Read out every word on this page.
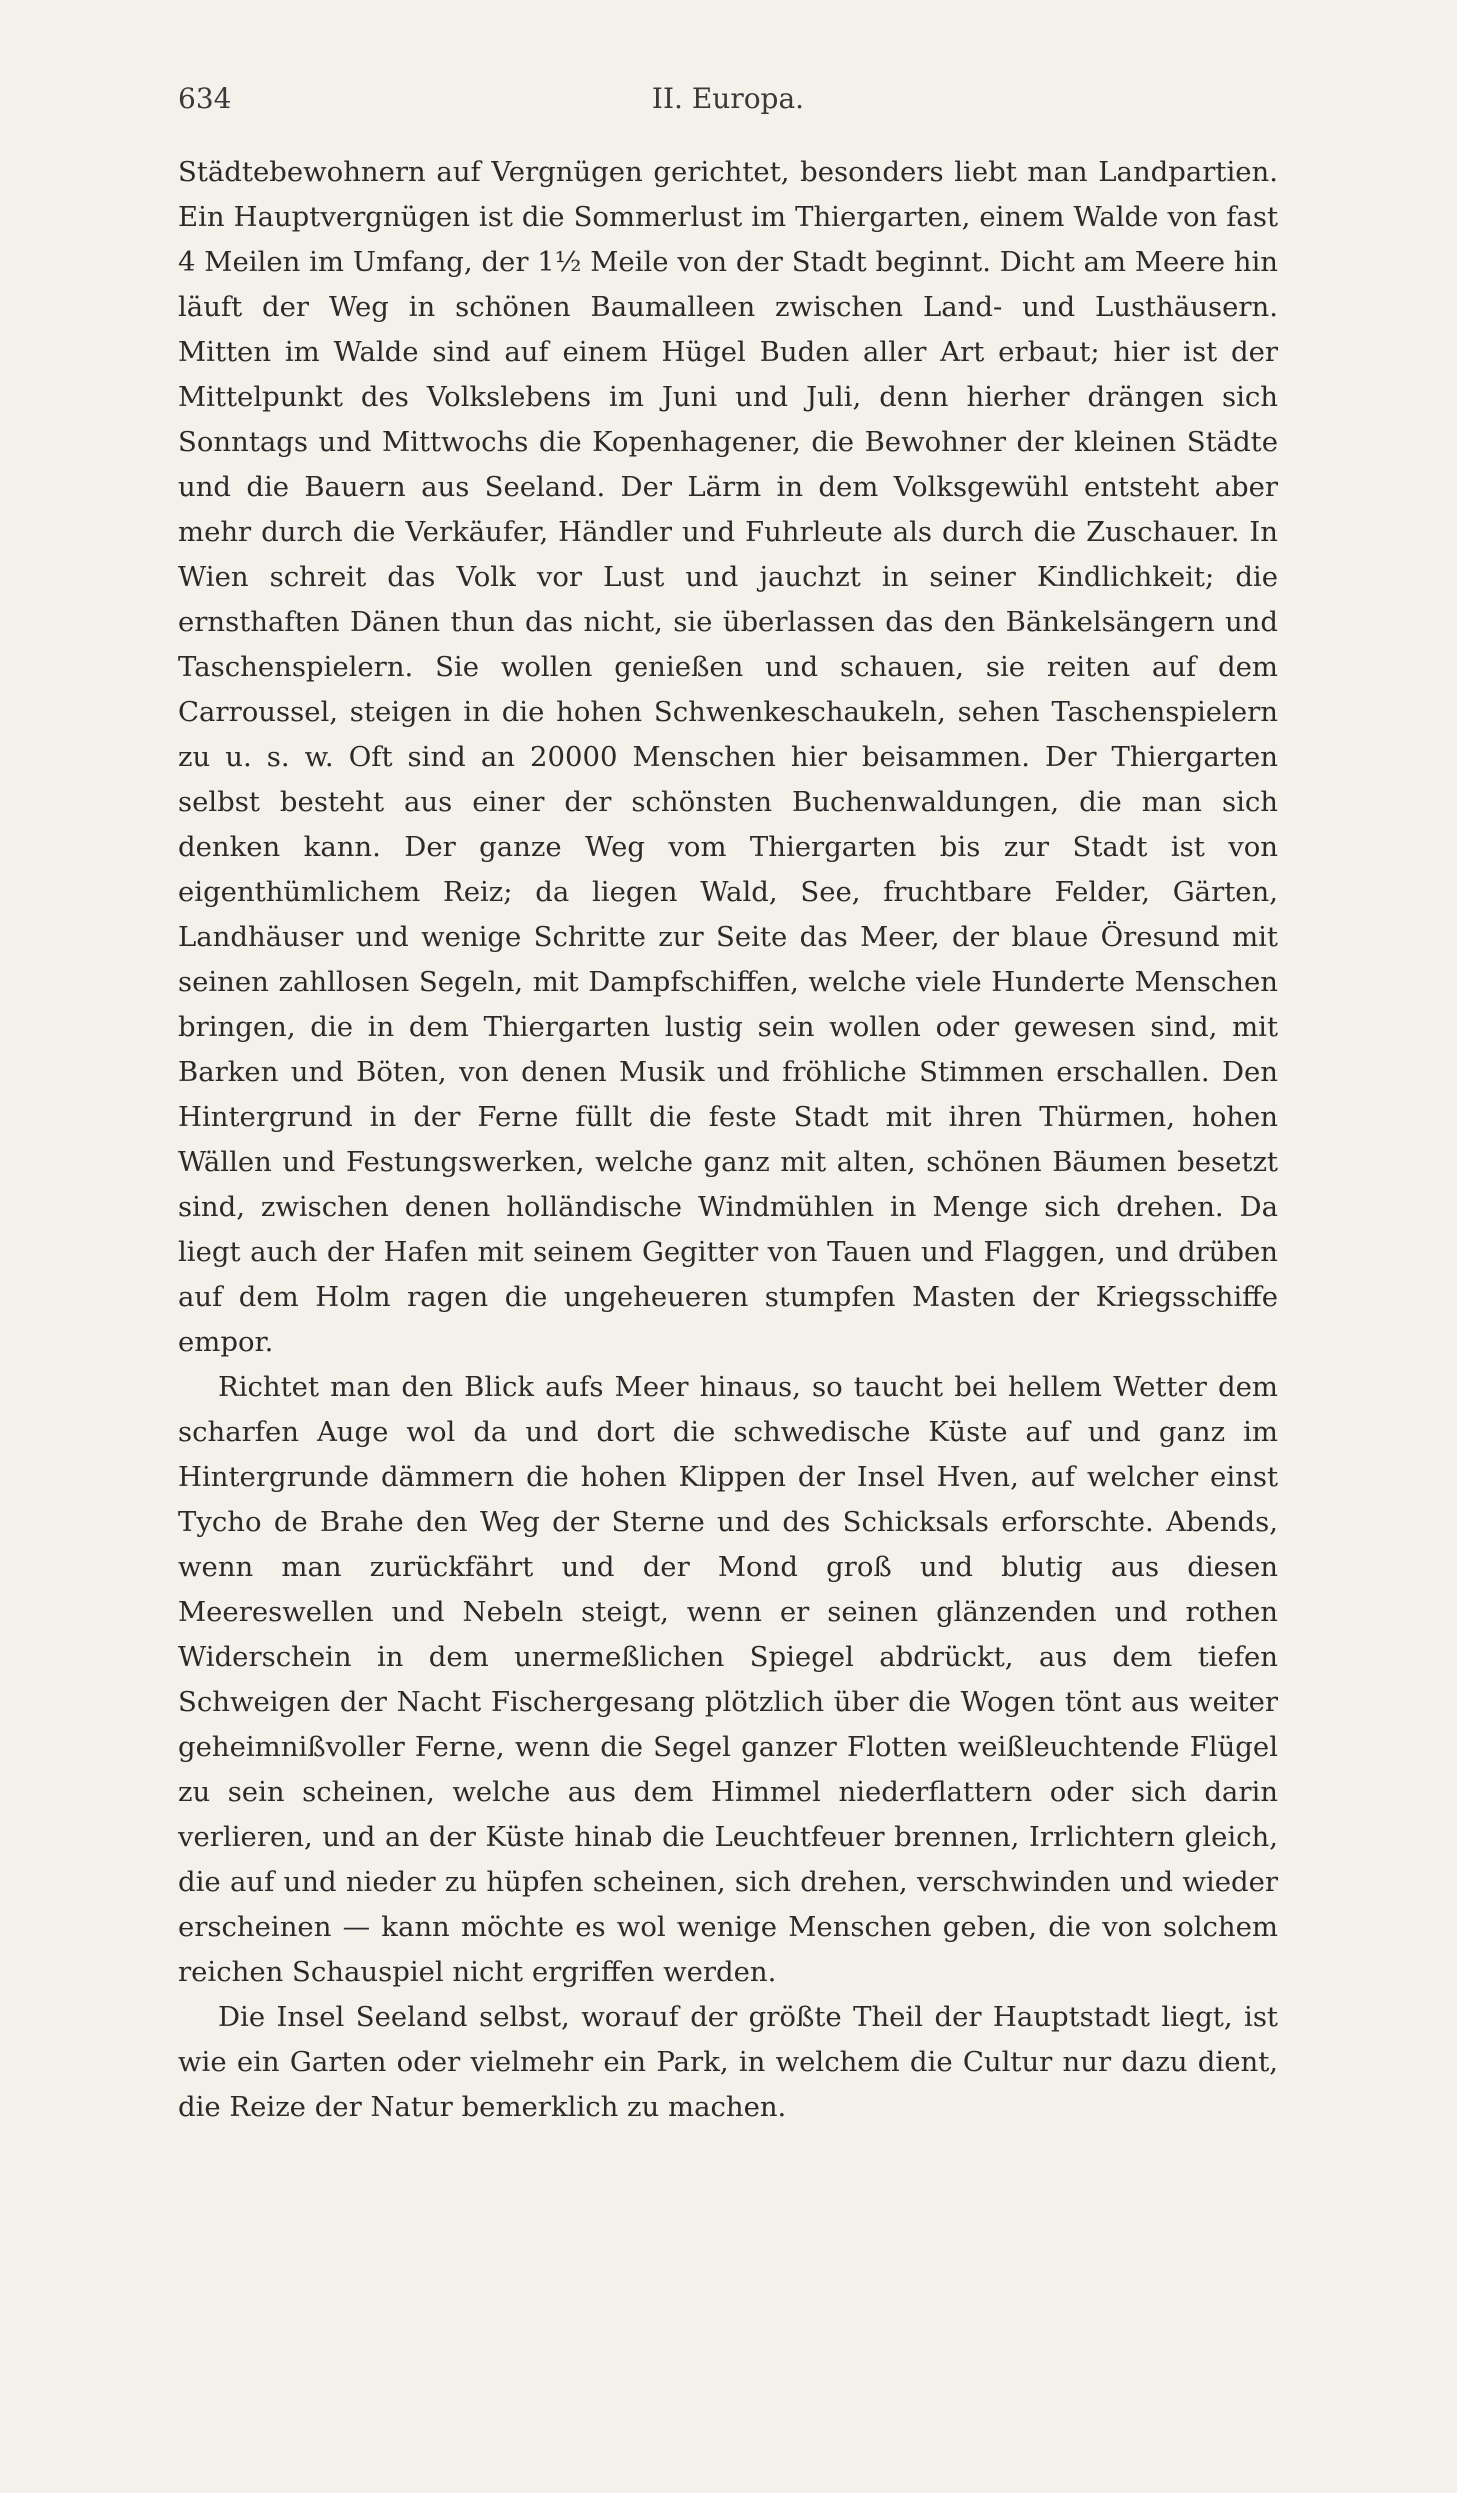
634	II. Europa.

Städtebewohnern auf Vergnügen gerichtet, besonders liebt man Landpartien. Ein Hauptvergnügen ist die Sommerlust im Thiergarten, einem Walde von fast 4 Meilen im Umfang, der 1½ Meile von der Stadt beginnt. Dicht am Meere hin läuft der Weg in schönen Baumalleen zwischen Land- und Lusthäusern. Mitten im Walde sind auf einem Hügel Buden aller Art erbaut; hier ist der Mittelpunkt des Volkslebens im Juni und Juli, denn hierher drängen sich Sonntags und Mittwochs die Kopenhagener, die Bewohner der kleinen Städte und die Bauern aus Seeland. Der Lärm in dem Volksgewühl entsteht aber mehr durch die Verkäufer, Händler und Fuhrleute als durch die Zuschauer. In Wien schreit das Volk vor Lust und jauchzt in seiner Kindlichkeit; die ernsthaften Dänen thun das nicht, sie überlassen das den Bänkelsängern und Taschenspielern. Sie wollen genießen und schauen, sie reiten auf dem Carroussel, steigen in die hohen Schwenkeschaukeln, sehen Taschenspielern zu u. s. w. Oft sind an 20000 Menschen hier beisammen. Der Thiergarten selbst besteht aus einer der schönsten Buchenwaldungen, die man sich denken kann. Der ganze Weg vom Thiergarten bis zur Stadt ist von eigenthümlichem Reiz; da liegen Wald, See, fruchtbare Felder, Gärten, Landhäuser und wenige Schritte zur Seite das Meer, der blaue Öresund mit seinen zahllosen Segeln, mit Dampfschiffen, welche viele Hunderte Menschen bringen, die in dem Thiergarten lustig sein wollen oder gewesen sind, mit Barken und Böten, von denen Musik und fröhliche Stimmen erschallen. Den Hintergrund in der Ferne füllt die feste Stadt mit ihren Thürmen, hohen Wällen und Festungswerken, welche ganz mit alten, schönen Bäumen besetzt sind, zwischen denen holländische Windmühlen in Menge sich drehen. Da liegt auch der Hafen mit seinem Gegitter von Tauen und Flaggen, und drüben auf dem Holm ragen die ungeheueren stumpfen Masten der Kriegsschiffe empor.

Richtet man den Blick aufs Meer hinaus, so taucht bei hellem Wetter dem scharfen Auge wol da und dort die schwedische Küste auf und ganz im Hintergrunde dämmern die hohen Klippen der Insel Hven, auf welcher einst Tycho de Brahe den Weg der Sterne und des Schicksals erforschte. Abends, wenn man zurückfährt und der Mond groß und blutig aus diesen Meereswellen und Nebeln steigt, wenn er seinen glänzenden und rothen Widerschein in dem unermeßlichen Spiegel abdrückt, aus dem tiefen Schweigen der Nacht Fischergesang plötzlich über die Wogen tönt aus weiter geheimnißvoller Ferne, wenn die Segel ganzer Flotten weißleuchtende Flügel zu sein scheinen, welche aus dem Himmel niederflattern oder sich darin verlieren, und an der Küste hinab die Leuchtfeuer brennen, Irrlichtern gleich, die auf und nieder zu hüpfen scheinen, sich drehen, verschwinden und wieder erscheinen — kann möchte es wol wenige Menschen geben, die von solchem reichen Schauspiel nicht ergriffen werden.

Die Insel Seeland selbst, worauf der größte Theil der Hauptstadt liegt, ist wie ein Garten oder vielmehr ein Park, in welchem die Cultur nur dazu dient, die Reize der Natur bemerklich zu machen.
